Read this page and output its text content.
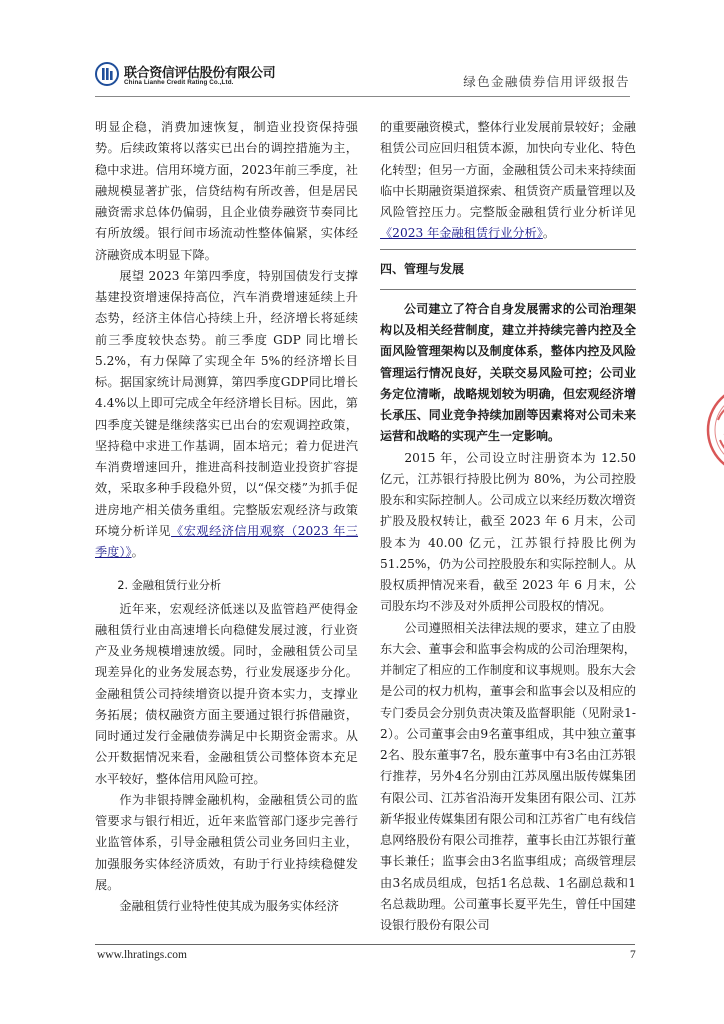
联合资信评估股份有限公司
China Lianhe Credit Rating Co.,Ltd.	绿色金融债券信用评级报告

明显企稳，消费加速恢复，制造业投资保持强势。后续政策将以落实已出台的调控措施为主，稳中求进。信用环境方面，2023年前三季度，社融规模显著扩张，信贷结构有所改善，但是居民融资需求总体仍偏弱，且企业债券融资节奏同比有所放缓。银行间市场流动性整体偏紧，实体经济融资成本明显下降。

展望 2023 年第四季度，特别国债发行支撑基建投资增速保持高位，汽车消费增速延续上升态势，经济主体信心持续上升，经济增长将延续前三季度较快态势。前三季度 GDP 同比增长 5.2%，有力保障了实现全年 5%的经济增长目标。据国家统计局测算，第四季度GDP同比增长 4.4%以上即可完成全年经济增长目标。因此，第四季度关键是继续落实已出台的宏观调控政策，坚持稳中求进工作基调，固本培元；着力促进汽车消费增速回升，推进高科技制造业投资扩容提效，采取多种手段稳外贸，以“保交楼”为抓手促进房地产相关债务重组。完整版宏观经济与政策环境分析详见《宏观经济信用观察（2023 年三季度）》。

2. 金融租赁行业分析

近年来，宏观经济低迷以及监管趋严使得金融租赁行业由高速增长向稳健发展过渡，行业资产及业务规模增速放缓。同时，金融租赁公司呈现差异化的业务发展态势，行业发展逐步分化。金融租赁公司持续增资以提升资本实力，支撑业务拓展；债权融资方面主要通过银行拆借融资，同时通过发行金融债券满足中长期资金需求。从公开数据情况来看，金融租赁公司整体资本充足水平较好，整体信用风险可控。

作为非银持牌金融机构，金融租赁公司的监管要求与银行相近，近年来监管部门逐步完善行业监管体系，引导金融租赁公司业务回归主业，加强服务实体经济质效，有助于行业持续稳健发展。

金融租赁行业特性使其成为服务实体经济

的重要融资模式，整体行业发展前景较好；金融租赁公司应回归租赁本源，加快向专业化、特色化转型；但另一方面，金融租赁公司未来持续面临中长期融资渠道探索、租赁资产质量管理以及风险管控压力。完整版金融租赁行业分析详见《2023 年金融租赁行业分析》。

四、管理与发展

公司建立了符合自身发展需求的公司治理架构以及相关经营制度，建立并持续完善内控及全面风险管理架构以及制度体系，整体内控及风险管理运行情况良好，关联交易风险可控；公司业务定位清晰，战略规划较为明确，但宏观经济增长承压、同业竞争持续加剧等因素将对公司未来运营和战略的实现产生一定影响。

2015 年，公司设立时注册资本为 12.50 亿元，江苏银行持股比例为 80%，为公司控股股东和实际控制人。公司成立以来经历数次增资扩股及股权转让，截至 2023 年 6 月末，公司股本为 40.00 亿元，江苏银行持股比例为 51.25%，仍为公司控股股东和实际控制人。从股权质押情况来看，截至 2023 年 6 月末，公司股东均不涉及对外质押公司股权的情况。

公司遵照相关法律法规的要求，建立了由股东大会、董事会和监事会构成的公司治理架构，并制定了相应的工作制度和议事规则。股东大会是公司的权力机构，董事会和监事会以及相应的专门委员会分别负责决策及监督职能（见附录1-2）。公司董事会由9名董事组成，其中独立董事2名、股东董事7名，股东董事中有3名由江苏银行推荐，另外4名分别由江苏凤凰出版传媒集团有限公司、江苏省沿海开发集团有限公司、江苏新华报业传媒集团有限公司和江苏省广电有线信息网络股份有限公司推荐，董事长由江苏银行董事长兼任；监事会由3名监事组成；高级管理层由3名成员组成，包括1名总裁、1名副总裁和1名总裁助理。公司董事长夏平先生，曾任中国建设银行股份有限公司

www.lhratings.com	7
